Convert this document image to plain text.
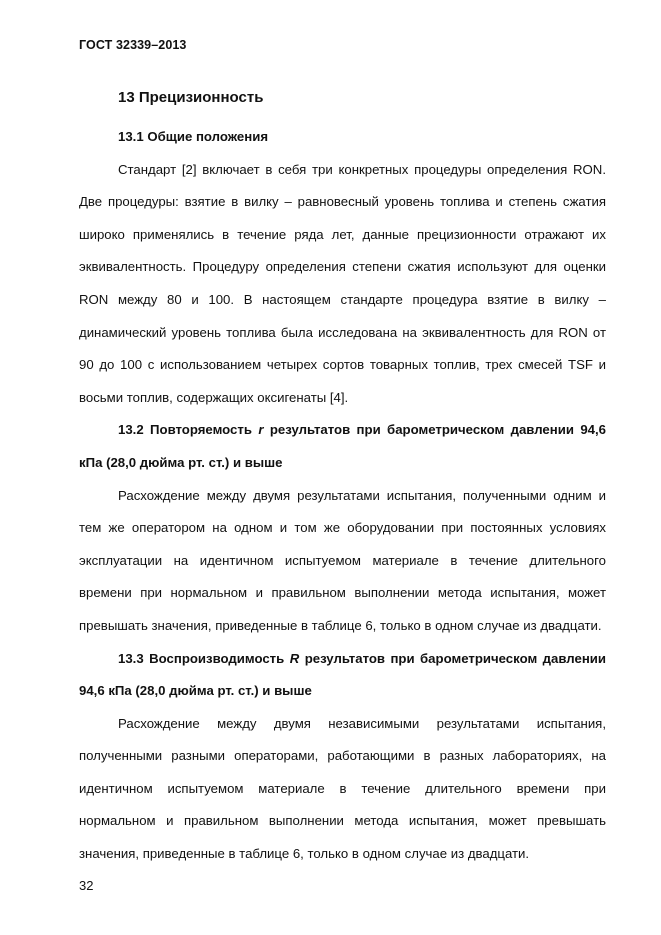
ГОСТ 32339–2013
13 Прецизионность
13.1 Общие положения

Стандарт [2] включает в себя три конкретных процедуры определения RON. Две процедуры: взятие в вилку – равновесный уровень топлива и степень сжатия широко применялись в течение ряда лет, данные прецизионности отражают их эквивалентность. Процедуру определения степени сжатия используют для оценки RON между 80 и 100. В настоящем стандарте процедура взятие в вилку – динамический уровень топлива была исследована на эквивалентность для RON от 90 до 100 с использованием четырех сортов товарных топлив, трех смесей TSF и восьми топлив, содержащих оксигенаты [4].

13.2 Повторяемость r результатов при барометрическом давлении 94,6 кПа (28,0 дюйма рт. ст.) и выше

Расхождение между двумя результатами испытания, полученными одним и тем же оператором на одном и том же оборудовании при постоянных условиях эксплуатации на идентичном испытуемом материале в течение длительного времени при нормальном и правильном выполнении метода испытания, может превышать значения, приведенные в таблице 6, только в одном случае из двадцати.

13.3 Воспроизводимость R результатов при барометрическом давлении 94,6 кПа (28,0 дюйма рт. ст.) и выше

Расхождение между двумя независимыми результатами испытания, полученными разными операторами, работающими в разных лабораториях, на идентичном испытуемом материале в течение длительного времени при нормальном и правильном выполнении метода испытания, может превышать значения, приведенные в таблице 6, только в одном случае из двадцати.

32
